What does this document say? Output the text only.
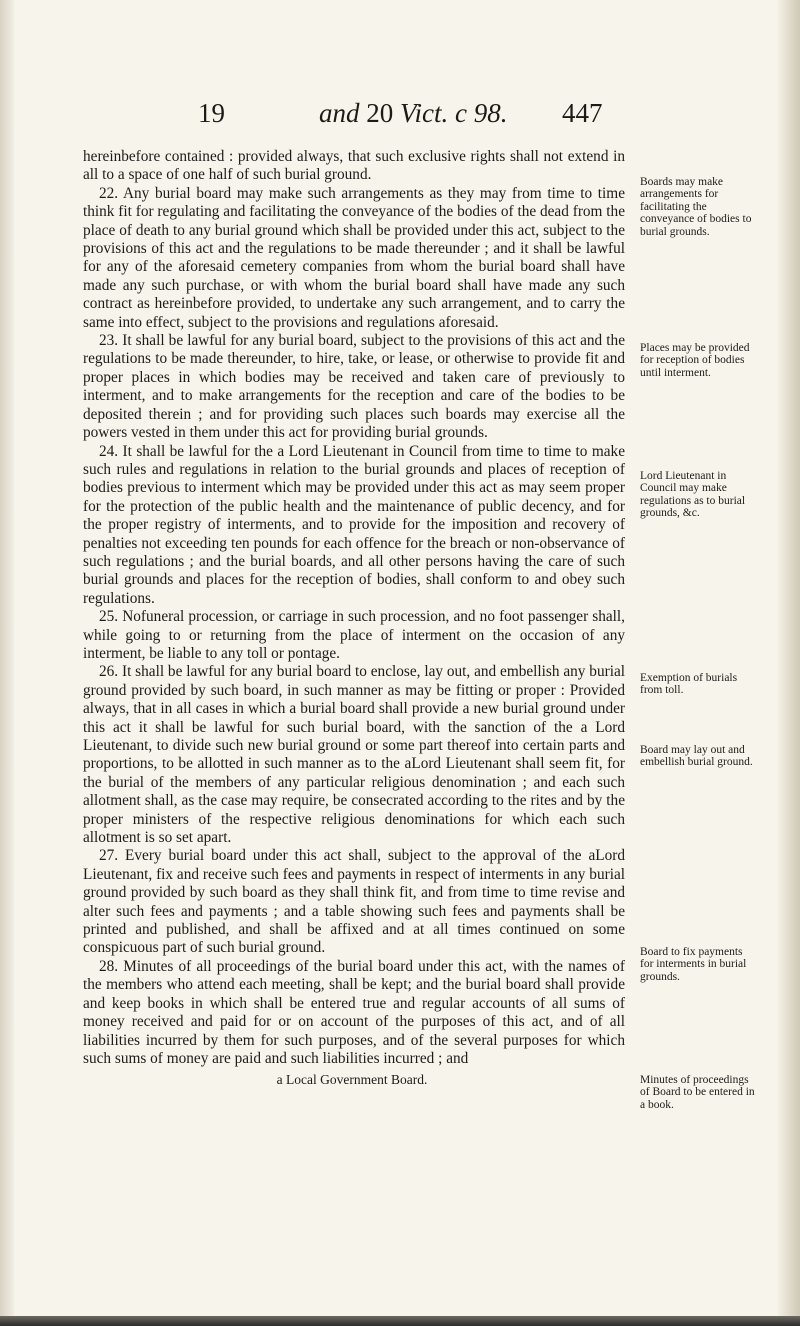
19	and 20 Vict. c 98. 447

hereinbefore contained : provided always, that such exclusive rights shall not extend in all to a space of one half of such burial ground.

22. Any burial board may make such arrangements as they may from time to time think fit for regulating and facilitating the conveyance of the bodies of the dead from the place of death to any burial ground which shall be provided under this act, subject to the provisions of this act and the regulations to be made thereunder ; and it shall be lawful for any of the aforesaid cemetery companies from whom the burial board shall have made any such purchase, or with whom the burial board shall have made any such contract as hereinbefore provided, to undertake any such arrangement, and to carry the same into effect, subject to the provisions and regulations aforesaid.

23. It shall be lawful for any burial board, subject to the provisions of this act and the regulations to be made thereunder, to hire, take, or lease, or otherwise to provide fit and proper places in which bodies may be received and taken care of previously to interment, and to make arrangements for the reception and care of the bodies to be deposited therein ; and for providing such places such boards may exercise all the powers vested in them under this act for providing burial grounds.

24. It shall be lawful for the a Lord Lieutenant in Council from time to time to make such rules and regulations in relation to the burial grounds and places of reception of bodies previous to interment which may be provided under this act as may seem proper for the protection of the public health and the maintenance of public decency, and for the proper registry of interments, and to provide for the imposition and recovery of penalties not exceeding ten pounds for each offence for the breach or non-observance of such regulations ; and the burial boards, and all other persons having the care of such burial grounds and places for the reception of bodies, shall conform to and obey such regulations.

25. Nofuneral procession, or carriage in such procession, and no foot passenger shall, while going to or returning from the place of interment on the occasion of any interment, be liable to any toll or pontage.

26. It shall be lawful for any burial board to enclose, lay out, and embellish any burial ground provided by such board, in such manner as may be fitting or proper : Provided always, that in all cases in which a burial board shall provide a new burial ground under this act it shall be lawful for such burial board, with the sanction of the a Lord Lieutenant, to divide such new burial ground or some part thereof into certain parts and proportions, to be allotted in such manner as to the aLord Lieutenant shall seem fit, for the burial of the members of any particular religious denomination ; and each such allotment shall, as the case may require, be consecrated according to the rites and by the proper ministers of the respective religious denominations for which each such allotment is so set apart.

27. Every burial board under this act shall, subject to the approval of the aLord Lieutenant, fix and receive such fees and payments in respect of interments in any burial ground provided by such board as they shall think fit, and from time to time revise and alter such fees and payments ; and a table showing such fees and payments shall be printed and published, and shall be affixed and at all times continued on some conspicuous part of such burial ground.

28. Minutes of all proceedings of the burial board under this act, with the names of the members who attend each meeting, shall be kept; and the burial board shall provide and keep books in which shall be entered true and regular accounts of all sums of money received and paid for or on account of the purposes of this act, and of all liabilities incurred by them for such purposes, and of the several purposes for which such sums of money are paid and such liabilities incurred ; and

Boards may make arrangements for facilitating the conveyance of bodies to burial grounds.
Places may be provided for reception of bodies until interment.
Lord Lieutenant in Council may make regulations as to burial grounds, &c.
Exemption of burials from toll.
Board may lay out and embellish burial ground.
Board to fix payments for interments in burial grounds.
Minutes of proceedings of Board to be entered in a book.
a Local Government Board.
